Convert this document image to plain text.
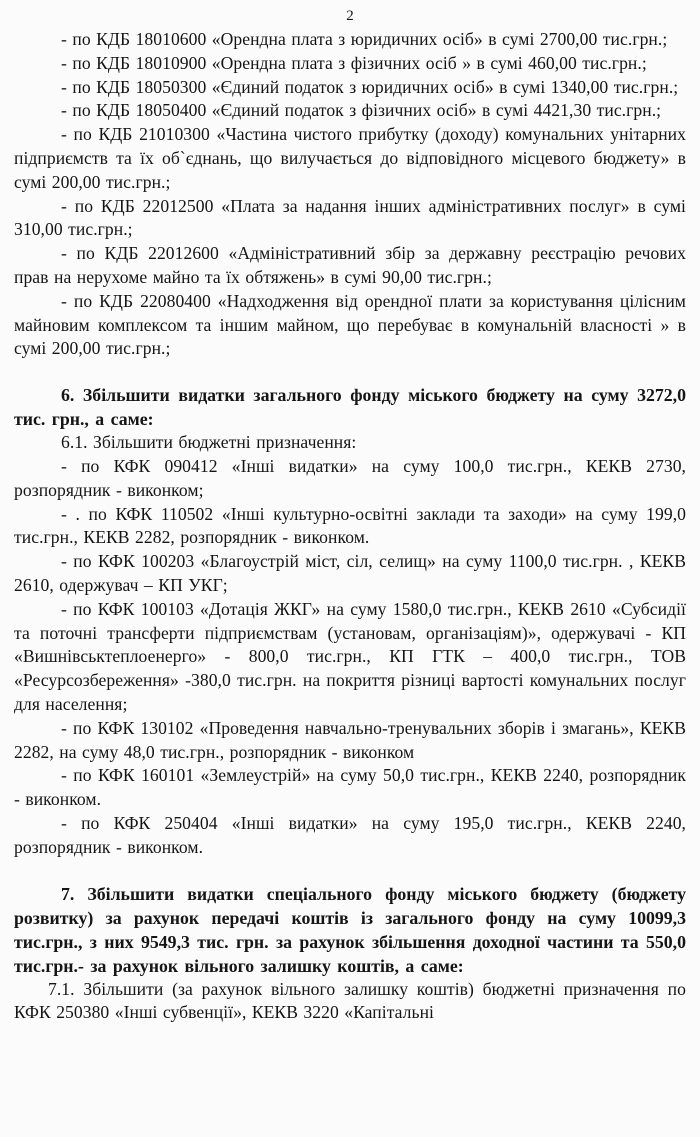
2

- по КДБ 18010600 «Орендна плата з юридичних осіб» в сумі 2700,00 тис.грн.;

- по КДБ 18010900 «Орендна плата з фізичних осіб » в сумі 460,00 тис.грн.;

- по КДБ 18050300 «Єдиний податок з юридичних осіб» в сумі 1340,00 тис.грн.;

- по КДБ 18050400 «Єдиний податок з фізичних осіб» в сумі 4421,30 тис.грн.;

- по КДБ 21010300 «Частина чистого прибутку (доходу) комунальних унітарних підприємств та їх об`єднань, що вилучається до відповідного місцевого бюджету» в сумі 200,00 тис.грн.;

- по КДБ 22012500 «Плата за надання інших адміністративних послуг» в сумі 310,00 тис.грн.;

- по КДБ 22012600 «Адміністративний збір за державну реєстрацію речових прав на нерухоме майно та їх обтяжень» в сумі 90,00 тис.грн.;

- по КДБ 22080400 «Надходження від орендної плати за користування цілісним майновим комплексом та іншим майном, що перебуває в комунальній власності » в сумі 200,00 тис.грн.;

6. Збільшити видатки загального фонду міського бюджету на суму 3272,0 тис. грн., а саме:

6.1. Збільшити бюджетні призначення:

- по КФК 090412 «Інші видатки» на суму 100,0 тис.грн., КЕКВ 2730, розпорядник - виконком;

- . по КФК 110502 «Інші культурно-освітні заклади та заходи» на суму 199,0 тис.грн., КЕКВ 2282, розпорядник - виконком.

- по КФК 100203 «Благоустрій міст, сіл, селищ» на суму 1100,0 тис.грн. , КЕКВ 2610, одержувач – КП УКГ;

- по КФК 100103 «Дотація ЖКГ» на суму 1580,0 тис.грн., КЕКВ 2610 «Субсидії та поточні трансферти підприємствам (установам, організаціям)», одержувачі - КП «Вишнівськтеплоенерго» - 800,0 тис.грн., КП ГТК – 400,0 тис.грн., ТОВ «Ресурсозбереження» -380,0 тис.грн. на покриття різниці вартості комунальних послуг для населення;

- по КФК 130102 «Проведення навчально-тренувальних зборів і змагань», КЕКВ 2282, на суму 48,0 тис.грн., розпорядник - виконком

- по КФК 160101 «Землеустрій» на суму 50,0 тис.грн., КЕКВ 2240, розпорядник - виконком.

- по КФК 250404 «Інші видатки» на суму 195,0 тис.грн., КЕКВ 2240, розпорядник - виконком.

7. Збільшити видатки спеціального фонду міського бюджету (бюджету розвитку) за рахунок передачі коштів із загального фонду на суму 10099,3 тис.грн., з них 9549,3 тис. грн. за рахунок збільшення доходної частини та 550,0 тис.грн.- за рахунок вільного залишку коштів, а саме:

7.1. Збільшити (за рахунок вільного залишку коштів) бюджетні призначення по КФК 250380 «Інші субвенції», КЕКВ 3220 «Капітальні
